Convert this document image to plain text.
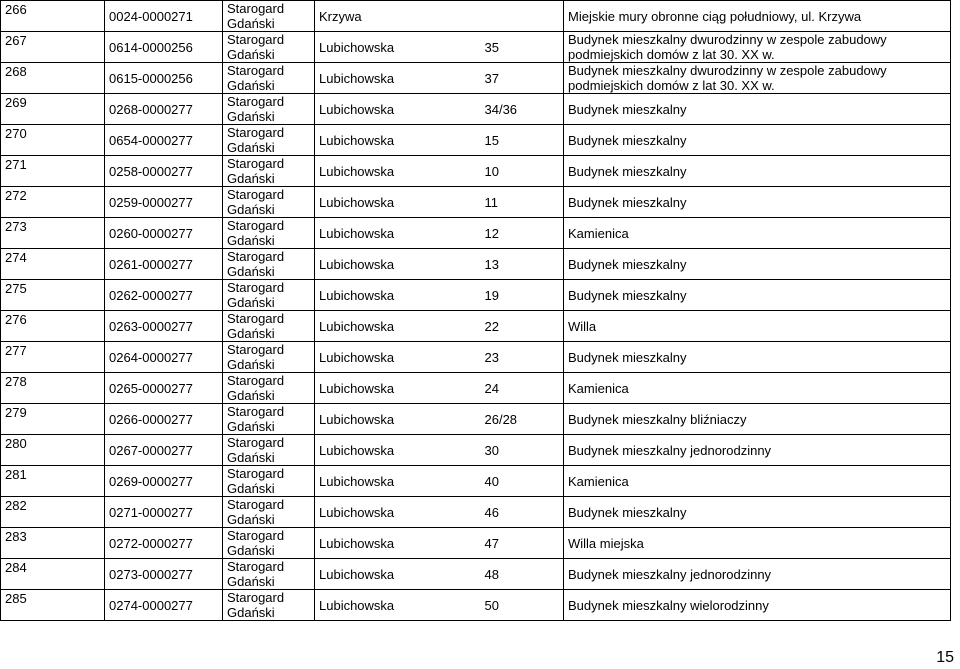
266	0024-0000271	Starogard Gdański	Krzywa		Miejskie mury obronne ciąg południowy, ul. Krzywa
267	0614-0000256	Starogard Gdański	Lubichowska	35	Budynek mieszkalny dwurodzinny w zespole zabudowy podmiejskich domów z lat 30. XX w.
268	0615-0000256	Starogard Gdański	Lubichowska	37	Budynek mieszkalny dwurodzinny w zespole zabudowy podmiejskich domów z lat 30. XX w.
269	0268-0000277	Starogard Gdański	Lubichowska	34/36	Budynek mieszkalny
270	0654-0000277	Starogard Gdański	Lubichowska	15	Budynek mieszkalny
271	0258-0000277	Starogard Gdański	Lubichowska	10	Budynek mieszkalny
272	0259-0000277	Starogard Gdański	Lubichowska	11	Budynek mieszkalny
273	0260-0000277	Starogard Gdański	Lubichowska	12	Kamienica
274	0261-0000277	Starogard Gdański	Lubichowska	13	Budynek mieszkalny
275	0262-0000277	Starogard Gdański	Lubichowska	19	Budynek mieszkalny
276	0263-0000277	Starogard Gdański	Lubichowska	22	Willa
277	0264-0000277	Starogard Gdański	Lubichowska	23	Budynek mieszkalny
278	0265-0000277	Starogard Gdański	Lubichowska	24	Kamienica
279	0266-0000277	Starogard Gdański	Lubichowska	26/28	Budynek mieszkalny bliźniaczy
280	0267-0000277	Starogard Gdański	Lubichowska	30	Budynek mieszkalny jednorodzinny
281	0269-0000277	Starogard Gdański	Lubichowska	40	Kamienica
282	0271-0000277	Starogard Gdański	Lubichowska	46	Budynek mieszkalny
283	0272-0000277	Starogard Gdański	Lubichowska	47	Willa miejska
284	0273-0000277	Starogard Gdański	Lubichowska	48	Budynek mieszkalny jednorodzinny
285	0274-0000277	Starogard Gdański	Lubichowska	50	Budynek mieszkalny wielorodzinny
15
